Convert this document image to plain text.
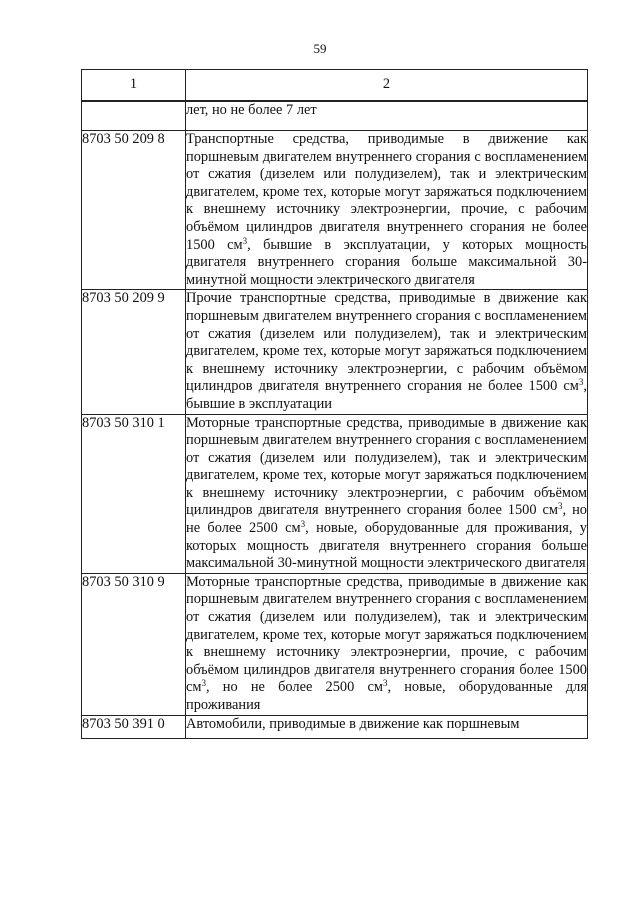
59
1	2
	лет, но не более 7 лет
8703 50 209 8	Транспортные средства, приводимые в движение как поршневым двигателем внутреннего сгорания с воспламенением от сжатия (дизелем или полудизелем), так и электрическим двигателем, кроме тех, которые могут заряжаться подключением к внешнему источнику электроэнергии, прочие, с рабочим объёмом цилиндров двигателя внутреннего сгорания не более 1500 $см^3$, бывшие в эксплуатации, у которых мощность двигателя внутреннего сгорания больше максимальной 30-минутной мощности электрического двигателя

8703 50 209 9	Прочие транспортные средства, приводимые в движение как поршневым двигателем внутреннего сгорания с воспламенением от сжатия (дизелем или полудизелем), так и электрическим двигателем, кроме тех, которые могут заряжаться подключением к внешнему источнику электроэнергии, с рабочим объёмом цилиндров двигателя внутреннего сгорания не более 1500 $см^3$, бывшие в эксплуатации

8703 50 310 1	Моторные транспортные средства, приводимые в движение как поршневым двигателем внутреннего сгорания с воспламенением от сжатия (дизелем или полудизелем), так и электрическим двигателем, кроме тех, которые могут заряжаться подключением к внешнему источнику электроэнергии, с рабочим объёмом цилиндров двигателя внутреннего сгорания более 1500 $см^3$, но не более 2500 $см^3$, новые, оборудованные для проживания, у которых мощность двигателя внутреннего сгорания больше максимальной 30-минутной мощности электрического двигателя

8703 50 310 9	Моторные транспортные средства, приводимые в движение как поршневым двигателем внутреннего сгорания с воспламенением от сжатия (дизелем или полудизелем), так и электрическим двигателем, кроме тех, которые могут заряжаться подключением к внешнему источнику электроэнергии, прочие, с рабочим объёмом цилиндров двигателя внутреннего сгорания более 1500 $см^3$, но не более 2500 $см^3$, новые, оборудованные для проживания

8703 50 391 0	Автомобили, приводимые в движение как поршневым
